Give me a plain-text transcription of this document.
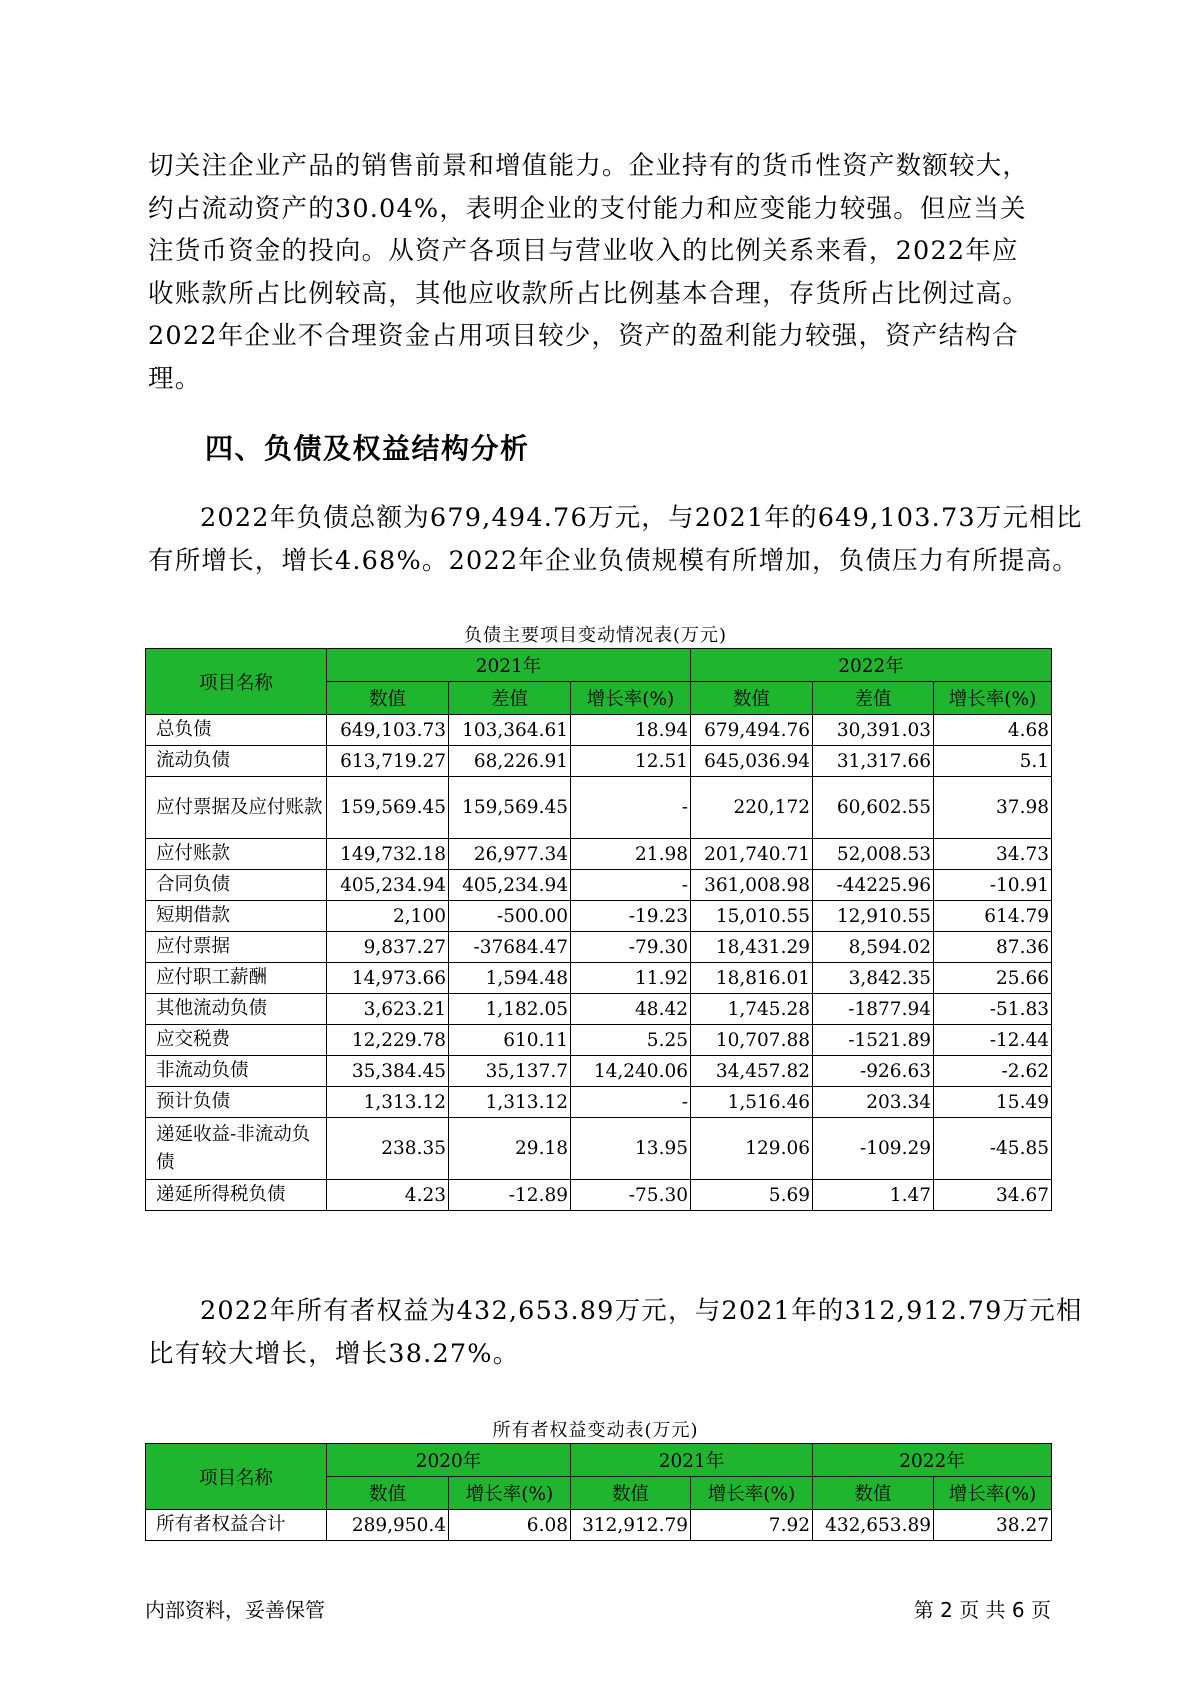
切关注企业产品的销售前景和增值能力。企业持有的货币性资产数额较大，
约占流动资产的30.04%，表明企业的支付能力和应变能力较强。但应当关
注货币资金的投向。从资产各项目与营业收入的比例关系来看，2022年应
收账款所占比例较高，其他应收款所占比例基本合理，存货所占比例过高。
2022年企业不合理资金占用项目较少，资产的盈利能力较强，资产结构合
理。
四、负债及权益结构分析
2022年负债总额为679,494.76万元，与2021年的649,103.73万元相比
有所增长，增长4.68%。2022年企业负债规模有所增加，负债压力有所提高。
负债主要项目变动情况表(万元)
项目名称	2021年			2022年		
	数值	差值	增长率(%)	数值	差值	增长率(%)
总负债	649,103.73	103,364.61	18.94	679,494.76	30,391.03	4.68
流动负债	613,719.27	68,226.91	12.51	645,036.94	31,317.66	5.1
应付票据及应付账款	159,569.45	159,569.45	-	220,172	60,602.55	37.98
应付账款	149,732.18	26,977.34	21.98	201,740.71	52,008.53	34.73
合同负债	405,234.94	405,234.94	-	361,008.98	-44225.96	-10.91
短期借款	2,100	-500.00	-19.23	15,010.55	12,910.55	614.79
应付票据	9,837.27	-37684.47	-79.30	18,431.29	8,594.02	87.36
应付职工薪酬	14,973.66	1,594.48	11.92	18,816.01	3,842.35	25.66
其他流动负债	3,623.21	1,182.05	48.42	1,745.28	-1877.94	-51.83
应交税费	12,229.78	610.11	5.25	10,707.88	-1521.89	-12.44
非流动负债	35,384.45	35,137.7	14,240.06	34,457.82	-926.63	-2.62
预计负债	1,313.12	1,313.12	-	1,516.46	203.34	15.49
递延收益-非流动负债	238.35	29.18	13.95	129.06	-109.29	-45.85
递延所得税负债	4.23	-12.89	-75.30	5.69	1.47	34.67
2022年所有者权益为432,653.89万元，与2021年的312,912.79万元相
比有较大增长，增长38.27%。
所有者权益变动表(万元)
项目名称	2020年		2021年		2022年	
	数值	增长率(%)	数值	增长率(%)	数值	增长率(%)
所有者权益合计	289,950.4	6.08	312,912.79	7.92	432,653.89	38.27
内部资料，妥善保管	第 2 页 共 6 页
